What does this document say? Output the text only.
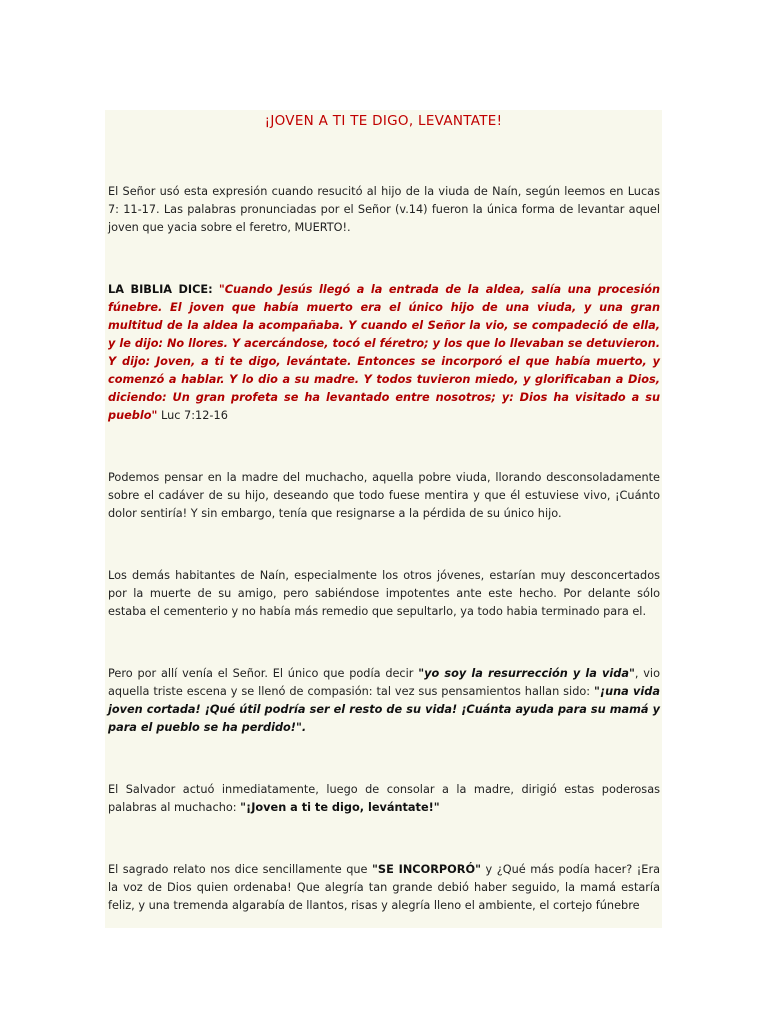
¡JOVEN A TI TE DIGO, LEVANTATE!

El Señor usó esta expresión cuando resucitó al hijo de la viuda de Naín, según leemos en Lucas 7: 11-17. Las palabras pronunciadas por el Señor (v.14) fueron la única forma de levantar aquel joven que yacia sobre el feretro, MUERTO!.

LA BIBLIA DICE: "Cuando Jesús llegó a la entrada de la aldea, salía una procesión fúnebre. El joven que había muerto era el único hijo de una viuda, y una gran multitud de la aldea la acompañaba. Y cuando el Señor la vio, se compadeció de ella, y le dijo: No llores. Y acercándose, tocó el féretro; y los que lo llevaban se detuvieron. Y dijo: Joven, a ti te digo, levántate. Entonces se incorporó el que había muerto, y comenzó a hablar. Y lo dio a su madre. Y todos tuvieron miedo, y glorificaban a Dios, diciendo: Un gran profeta se ha levantado entre nosotros; y: Dios ha visitado a su pueblo" Luc 7:12-16

Podemos pensar en la madre del muchacho, aquella pobre viuda, llorando desconsoladamente sobre el cadáver de su hijo, deseando que todo fuese mentira y que él estuviese vivo, ¡Cuánto dolor sentiría! Y sin embargo, tenía que resignarse a la pérdida de su único hijo.

Los demás habitantes de Naín, especialmente los otros jóvenes, estarían muy desconcertados por la muerte de su amigo, pero sabiéndose impotentes ante este hecho. Por delante sólo estaba el cementerio y no había más remedio que sepultarlo, ya todo habia terminado para el.

Pero por allí venía el Señor. El único que podía decir "yo soy la resurrección y la vida", vio aquella triste escena y se llenó de compasión: tal vez sus pensamientos hallan sido: "¡una vida joven cortada! ¡Qué útil podría ser el resto de su vida! ¡Cuánta ayuda para su mamá y para el pueblo se ha perdido!".

El Salvador actuó inmediatamente, luego de consolar a la madre, dirigió estas poderosas palabras al muchacho: "¡Joven a ti te digo, levántate!"

El sagrado relato nos dice sencillamente que "SE INCORPORÓ" y ¿Qué más podía hacer? ¡Era la voz de Dios quien ordenaba! Que alegría tan grande debió haber seguido, la mamá estaría feliz, y una tremenda algarabía de llantos, risas y alegría lleno el ambiente, el cortejo fúnebre
